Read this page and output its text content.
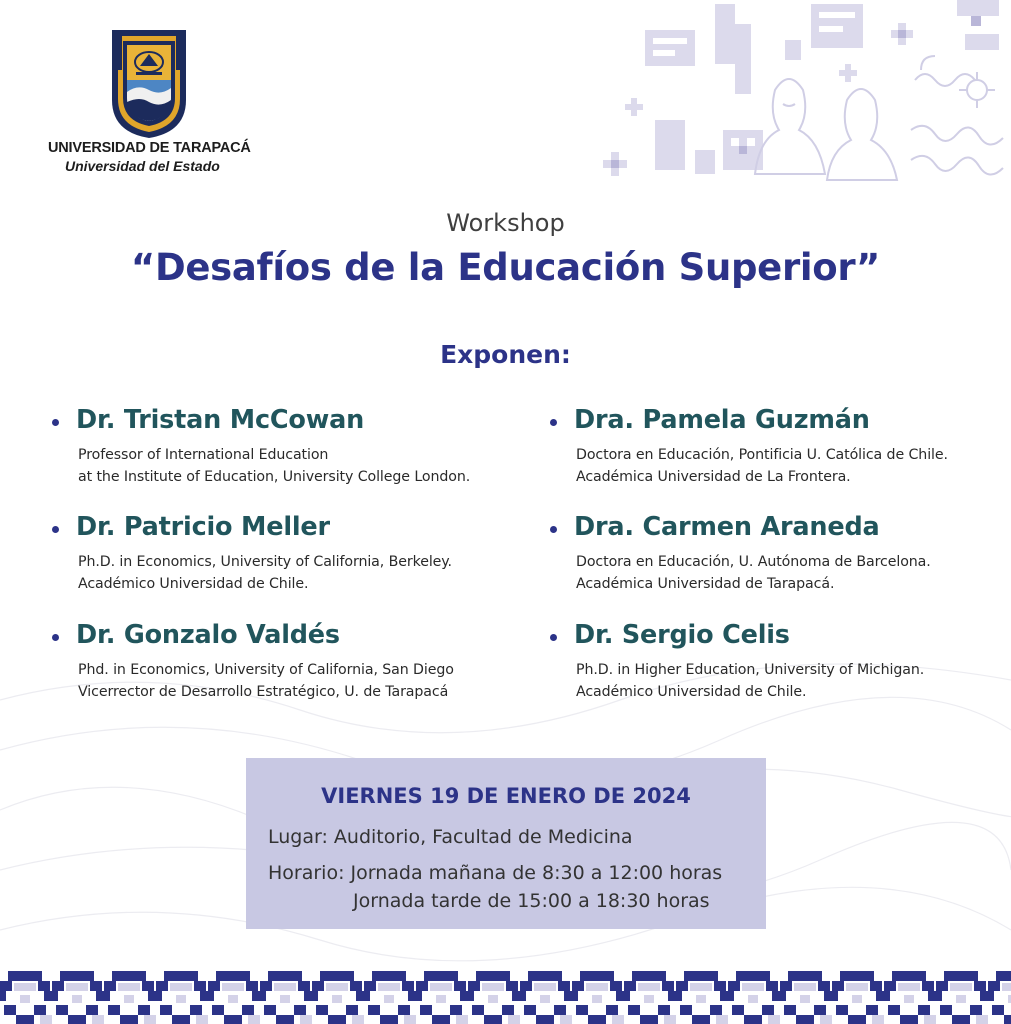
UNIVERSIDAD DE TARAPACÁ
Universidad del Estado
Workshop
“Desafíos de la Educación Superior”
Exponen:
Dr. Tristan McCowan
Professor of International Education
at the Institute of Education, University College London.
Dra. Pamela Guzmán
Doctora en Educación, Pontificia U. Católica de Chile.
Académica Universidad de La Frontera.
Dr. Patricio Meller
Ph.D. in Economics, University of California, Berkeley.
Académico Universidad de Chile.
Dra. Carmen Araneda
Doctora en Educación, U. Autónoma de Barcelona.
Académica Universidad de Tarapacá.
Dr. Gonzalo Valdés
Phd. in Economics, University of California, San Diego
Vicerrector de Desarrollo Estratégico, U. de Tarapacá
Dr. Sergio Celis
Ph.D. in Higher Education, University of Michigan.
Académico Universidad de Chile.
VIERNES 19 DE ENERO DE 2024
Lugar: Auditorio, Facultad de Medicina
Horario: Jornada mañana de 8:30 a 12:00 horas
Jornada tarde de 15:00 a 18:30 horas
